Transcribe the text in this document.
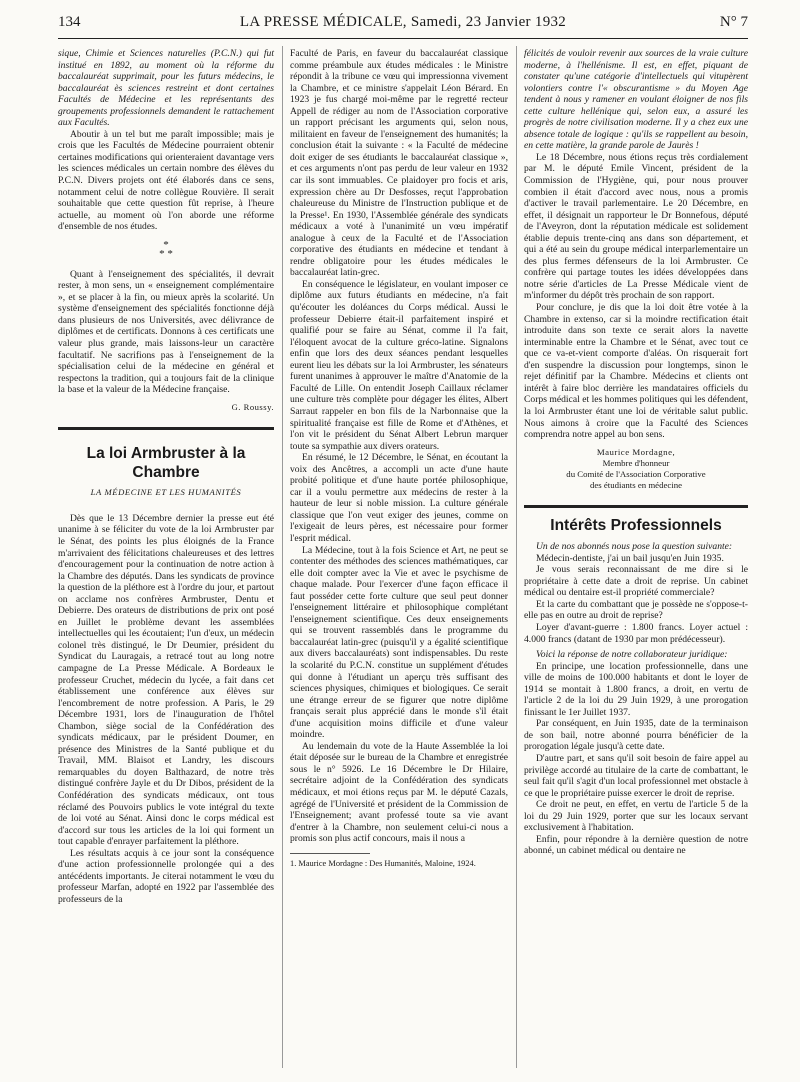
134	LA PRESSE MÉDICALE, Samedi, 23 Janvier 1932	N° 7

sique, Chimie et Sciences naturelles (P.C.N.) qui fut institué en 1892, au moment où la réforme du baccalauréat supprimait, pour les futurs médecins, le baccalauréat ès sciences restreint et dont certaines Facultés de Médecine et les représentants des groupements professionnels demandent le rattachement aux Facultés.

Aboutir à un tel but me paraît impossible; mais je crois que les Facultés de Médecine pourraient obtenir certaines modifications qui orienteraient davantage vers les sciences médicales un certain nombre des élèves du P.C.N. Divers projets ont été élaborés dans ce sens, notamment celui de notre collègue Rouvière. Il serait souhaitable que cette question fût reprise, à l'heure actuelle, au moment où l'on aborde une réforme d'ensemble de nos études.

*
* *

Quant à l'enseignement des spécialités, il devrait rester, à mon sens, un « enseignement complémentaire », et se placer à la fin, ou mieux après la scolarité. Un système d'enseignement des spécialités fonctionne déjà dans plusieurs de nos Universités, avec délivrance de diplômes et de certificats. Donnons à ces certificats une valeur plus grande, mais laissons-leur un caractère facultatif. Ne sacrifions pas à l'enseignement de la spécialisation celui de la médecine en général et respectons la tradition, qui a toujours fait de la clinique la base et la valeur de la Médecine française.

G. Roussy.
La loi Armbruster à la Chambre
LA MÉDECINE ET LES HUMANITÉS

Dès que le 13 Décembre dernier la presse eut été unanime à se féliciter du vote de la loi Armbruster par le Sénat, des points les plus éloignés de la France m'arrivaient des félicitations chaleureuses et des lettres d'encouragement pour la continuation de notre action à la Chambre des députés. Dans les syndicats de province la question de la pléthore est à l'ordre du jour, et partout on acclame nos confrères Armbruster, Dentu et Debierre. Des orateurs de distributions de prix ont posé en Juillet le problème devant les assemblées intellectuelles qui les écoutaient; l'un d'eux, un médecin colonel très distingué, le Dr Deumier, président du Syndicat du Lauragais, a retracé tout au long notre campagne de La Presse Médicale. A Bordeaux le professeur Cruchet, médecin du lycée, a fait dans cet établissement une conférence aux élèves sur l'encombrement de notre profession. A Paris, le 29 Décembre 1931, lors de l'inauguration de l'hôtel Chambon, siège social de la Confédération des syndicats médicaux, par le président Doumer, en présence des Ministres de la Santé publique et du Travail, MM. Blaisot et Landry, les discours remarquables du doyen Balthazard, de notre très distingué confrère Jayle et du Dr Dibos, président de la Confédération des syndicats médicaux, ont tous réclamé des Pouvoirs publics le vote intégral du texte de loi voté au Sénat. Ainsi donc le corps médical est d'accord sur tous les articles de la loi qui forment un tout capable d'enrayer parfaitement la pléthore.

Les résultats acquis à ce jour sont la conséquence d'une action professionnelle prolongée qui a des antécédents importants. Je citerai notamment le vœu du professeur Marfan, adopté en 1922 par l'assemblée des professeurs de la

Faculté de Paris, en faveur du baccalauréat classique comme préambule aux études médicales : le Ministre répondit à la tribune ce vœu qui impressionna vivement la Chambre, et ce ministre s'appelait Léon Bérard. En 1923 je fus chargé moi-même par le regretté recteur Appell de rédiger au nom de l'Association corporative un rapport précisant les arguments qui, selon nous, militaient en faveur de l'enseignement des humanités; la conclusion était la suivante : « la Faculté de médecine doit exiger de ses étudiants le baccalauréat classique », et ces arguments n'ont pas perdu de leur valeur en 1932 car ils sont immuables. Ce plaidoyer pro focis et aris, expression chère au Dr Desfosses, reçut l'approbation chaleureuse du Ministre de l'Instruction publique et de la Presse¹. En 1930, l'Assemblée générale des syndicats médicaux a voté à l'unanimité un vœu impératif analogue à ceux de la Faculté et de l'Association corporative des étudiants en médecine et tendant à rendre obligatoire pour les études médicales le baccalauréat latin-grec.

En conséquence le législateur, en voulant imposer ce diplôme aux futurs étudiants en médecine, n'a fait qu'écouter les doléances du Corps médical. Aussi le professeur Debierre était-il parfaitement inspiré et qualifié pour se faire au Sénat, comme il l'a fait, l'éloquent avocat de la culture gréco-latine. Signalons enfin que lors des deux séances pendant lesquelles eurent lieu les débats sur la loi Armbruster, les sénateurs furent unanimes à approuver le maître d'Anatomie de la Faculté de Lille. On entendit Joseph Caillaux réclamer une culture très complète pour dégager les élites, Albert Sarraut rappeler en bon fils de la Narbonnaise que la spiritualité française est fille de Rome et d'Athènes, et l'on vit le président du Sénat Albert Lebrun marquer toute sa sympathie aux divers orateurs.

En résumé, le 12 Décembre, le Sénat, en écoutant la voix des Ancêtres, a accompli un acte d'une haute probité politique et d'une haute portée philosophique, car il a voulu permettre aux médecins de rester à la hauteur de leur si noble mission. La culture générale classique que l'on veut exiger des jeunes, comme on l'exigeait de leurs pères, est nécessaire pour former l'esprit médical.

La Médecine, tout à la fois Science et Art, ne peut se contenter des méthodes des sciences mathématiques, car elle doit compter avec la Vie et avec le psychisme de chaque malade. Pour l'exercer d'une façon efficace il faut posséder cette forte culture que seul peut donner l'enseignement littéraire et philosophique complétant l'enseignement scientifique. Ces deux enseignements qui se trouvent rassemblés dans le programme du baccalauréat latin-grec (puisqu'il y a égalité scientifique aux divers baccalauréats) sont indispensables. Du reste la scolarité du P.C.N. constitue un supplément d'études qui donne à l'étudiant un aperçu très suffisant des sciences physiques, chimiques et biologiques. Ce serait une étrange erreur de se figurer que notre diplôme français serait plus apprécié dans le monde s'il était d'une acquisition moins difficile et d'une valeur moindre.

Au lendemain du vote de la Haute Assemblée la loi était déposée sur le bureau de la Chambre et enregistrée sous le n° 5926. Le 16 Décembre le Dr Hilaire, secrétaire adjoint de la Confédération des syndicats médicaux, et moi étions reçus par M. le député Cazals, agrégé de l'Université et président de la Commission de l'Enseignement; avant professé toute sa vie avant d'entrer à la Chambre, non seulement celui-ci nous a promis son plus actif concours, mais il nous a

1. Maurice Mordagne : Des Humanités, Maloine, 1924.

félicités de vouloir revenir aux sources de la vraie culture moderne, à l'hellénisme. Il est, en effet, piquant de constater qu'une catégorie d'intellectuels qui vitupèrent volontiers contre l'« obscurantisme » du Moyen Age tendent à nous y ramener en voulant éloigner de nos fils cette culture hellénique qui, selon eux, a assuré les progrès de notre civilisation moderne. Il y a chez eux une absence totale de logique : qu'ils se rappellent au besoin, en cette matière, la grande parole de Jaurès !

Le 18 Décembre, nous étions reçus très cordialement par M. le député Emile Vincent, président de la Commission de l'Hygiène, qui, pour nous prouver combien il était d'accord avec nous, nous a promis d'activer le travail parlementaire. Le 20 Décembre, en effet, il désignait un rapporteur le Dr Bonnefous, député de l'Aveyron, dont la réputation médicale est solidement établie depuis trente-cinq ans dans son département, et qui a été au sein du groupe médical interparlementaire un des plus fermes défenseurs de la loi Armbruster. Ce confrère qui partage toutes les idées développées dans notre série d'articles de La Presse Médicale vient de m'informer du dépôt très prochain de son rapport.

Pour conclure, je dis que la loi doit être votée à la Chambre in extenso, car si la moindre rectification était introduite dans son texte ce serait alors la navette interminable entre la Chambre et le Sénat, avec tout ce que ce va-et-vient comporte d'aléas. On risquerait fort d'en suspendre la discussion pour longtemps, sinon le rejet définitif par la Chambre. Médecins et clients ont intérêt à faire bloc derrière les mandataires officiels du Corps médical et les hommes politiques qui les défendent, la loi Armbruster étant une loi de véritable salut public. Nous aimons à croire que la Faculté des Sciences comprendra notre appel au bon sens.

Maurice Mordagne,
Membre d'honneur
du Comité de l'Association Corporative
des étudiants en médecine
Intérêts Professionnels

Un de nos abonnés nous pose la question suivante:

Médecin-dentiste, j'ai un bail jusqu'en Juin 1935.

Je vous serais reconnaissant de me dire si le propriétaire à cette date a droit de reprise. Un cabinet médical ou dentaire est-il propriété commerciale?

Et la carte du combattant que je possède ne s'oppose-t-elle pas en outre au droit de reprise?

Loyer d'avant-guerre : 1.800 francs. Loyer actuel : 4.000 francs (datant de 1930 par mon prédécesseur).

Voici la réponse de notre collaborateur juridique:

En principe, une location professionnelle, dans une ville de moins de 100.000 habitants et dont le loyer de 1914 se montait à 1.800 francs, a droit, en vertu de l'article 2 de la loi du 29 Juin 1929, à une prorogation finissant le 1er Juillet 1937.

Par conséquent, en Juin 1935, date de la terminaison de son bail, notre abonné pourra bénéficier de la prorogation légale jusqu'à cette date.

D'autre part, et sans qu'il soit besoin de faire appel au privilège accordé au titulaire de la carte de combattant, le seul fait qu'il s'agit d'un local professionnel met obstacle à ce que le propriétaire puisse exercer le droit de reprise.

Ce droit ne peut, en effet, en vertu de l'article 5 de la loi du 29 Juin 1929, porter que sur les locaux servant exclusivement à l'habitation.

Enfin, pour répondre à la dernière question de notre abonné, un cabinet médical ou dentaire ne
